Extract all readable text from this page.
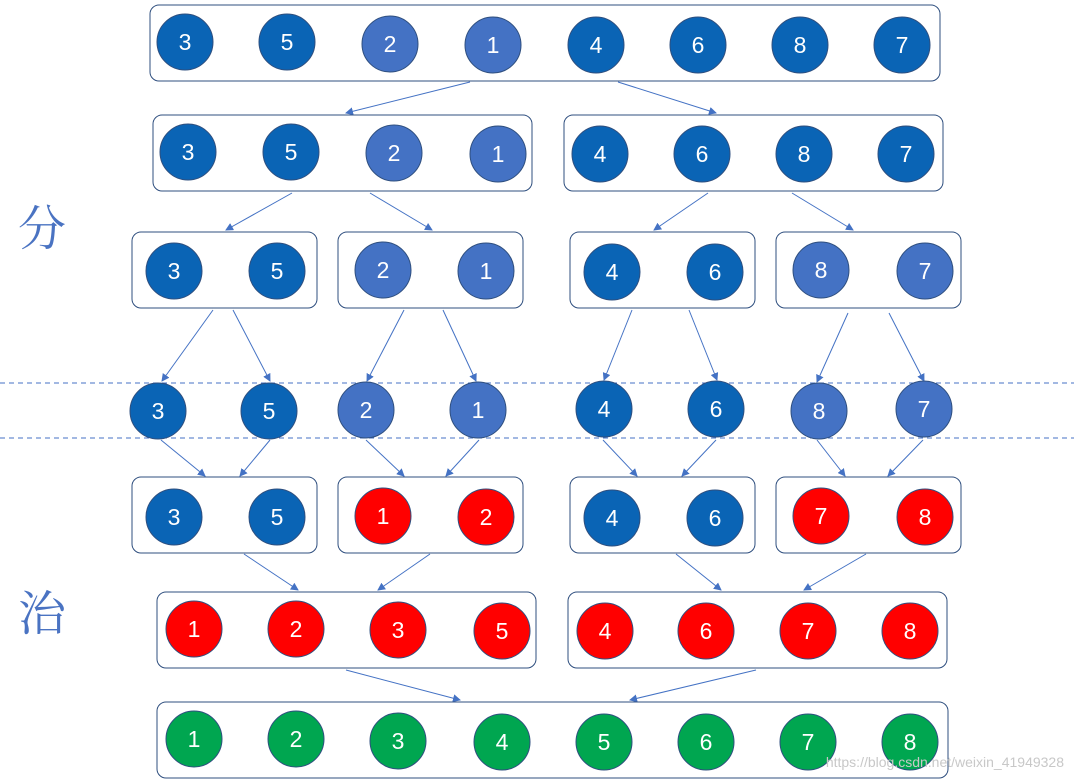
3	5	2	1	4	6	8	7
3	5	2	1	4	6	8	7
3	5	2	1	4	6	8	7
3	5	2	1	4	6	8	7
3	5	1	2	4	6	7	8
1	2	3	5	4	6	7	8
1	2	3	4	5	6	7	8
分
治
https://blog.csdn.net/weixin_41949328
